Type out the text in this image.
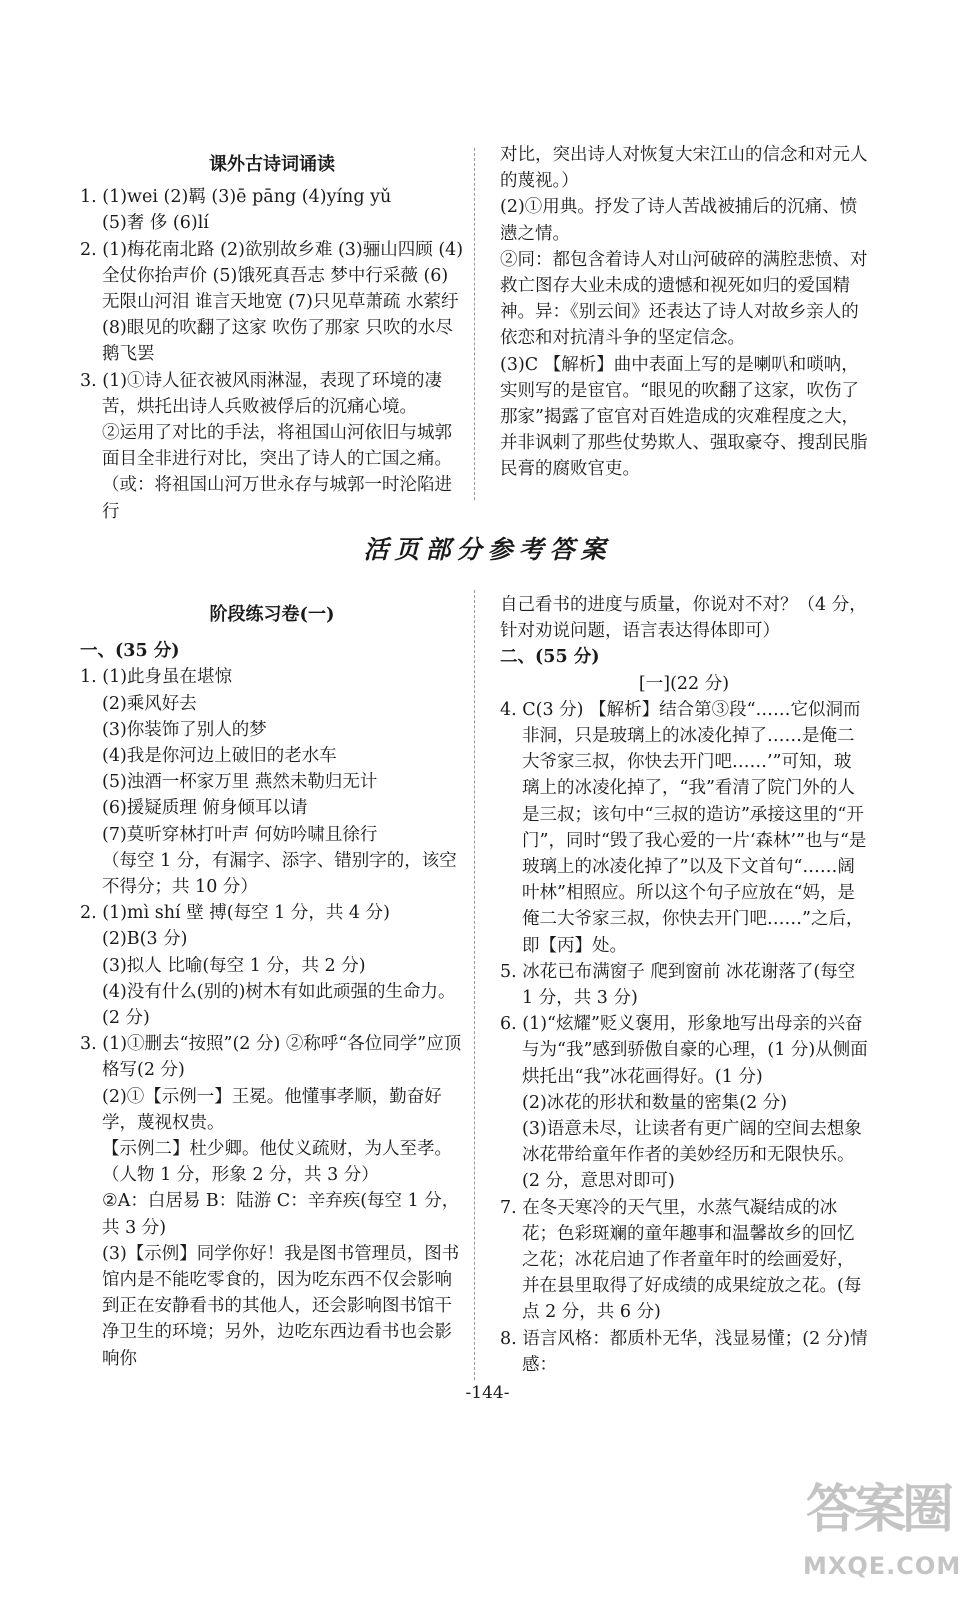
课外古诗词诵读

1. (1)wei (2)羁 (3)ē pāng (4)yíng yǔ

(5)奢 侈 (6)lí

2. (1)梅花南北路 (2)欲别故乡难 (3)骊山四顾 (4)全仗你抬声价 (5)饿死真吾志 梦中行采薇 (6)无限山河泪 谁言天地宽 (7)只见草萧疏 水萦纡 (8)眼见的吹翻了这家 吹伤了那家 只吹的水尽鹅飞罢

3. (1)①诗人征衣被风雨淋湿，表现了环境的凄苦，烘托出诗人兵败被俘后的沉痛心境。

②运用了对比的手法，将祖国山河依旧与城郭面目全非进行对比，突出了诗人的亡国之痛。（或：将祖国山河万世永存与城郭一时沦陷进行

对比，突出诗人对恢复大宋江山的信念和对元人的蔑视。）

(2)①用典。抒发了诗人苦战被捕后的沉痛、愤懑之情。

②同：都包含着诗人对山河破碎的满腔悲愤、对救亡图存大业未成的遗憾和视死如归的爱国精神。异：《别云间》还表达了诗人对故乡亲人的依恋和对抗清斗争的坚定信念。

(3)C 【解析】曲中表面上写的是喇叭和唢呐，实则写的是宦官。“眼见的吹翻了这家，吹伤了那家”揭露了宦官对百姓造成的灾难程度之大，并非讽刺了那些仗势欺人、强取豪夺、搜刮民脂民膏的腐败官吏。

活页部分参考答案

阶段练习卷(一)

一、(35 分)

1. (1)此身虽在堪惊

(2)乘风好去

(3)你装饰了别人的梦

(4)我是你河边上破旧的老水车

(5)浊酒一杯家万里 燕然未勒归无计

(6)援疑质理 俯身倾耳以请

(7)莫听穿林打叶声 何妨吟啸且徐行

（每空 1 分，有漏字、添字、错别字的，该空不得分；共 10 分）

2. (1)mì shí 壁 搏(每空 1 分，共 4 分)

(2)B(3 分)

(3)拟人 比喻(每空 1 分，共 2 分)

(4)没有什么(别的)树木有如此顽强的生命力。(2 分)

3. (1)①删去“按照”(2 分) ②称呼“各位同学”应顶格写(2 分)

(2)①【示例一】王冕。他懂事孝顺，勤奋好学，蔑视权贵。

【示例二】杜少卿。他仗义疏财，为人至孝。（人物 1 分，形象 2 分，共 3 分）

②A：白居易 B：陆游 C：辛弃疾(每空 1 分，共 3 分)

(3)【示例】同学你好！我是图书管理员，图书馆内是不能吃零食的，因为吃东西不仅会影响到正在安静看书的其他人，还会影响图书馆干净卫生的环境；另外，边吃东西边看书也会影响你

自己看书的进度与质量，你说对不对？（4 分，针对劝说问题，语言表达得体即可）

二、(55 分)

[一](22 分)

4. C(3 分) 【解析】结合第③段“……它似洞而非洞，只是玻璃上的冰凌化掉了……是俺二大爷家三叔，你快去开门吧……’”可知，玻璃上的冰凌化掉了，“我”看清了院门外的人是三叔；该句中“三叔的造访”承接这里的“开门”，同时“毁了我心爱的一片‘森林’”也与“是玻璃上的冰凌化掉了”以及下文首句“……阔叶林”相照应。所以这个句子应放在“妈，是俺二大爷家三叔，你快去开门吧……”之后，即【丙】处。

5. 冰花已布满窗子 爬到窗前 冰花谢落了(每空 1 分，共 3 分)

6. (1)“炫耀”贬义褒用，形象地写出母亲的兴奋与为“我”感到骄傲自豪的心理，(1 分)从侧面烘托出“我”冰花画得好。(1 分)

(2)冰花的形状和数量的密集(2 分)

(3)语意未尽，让读者有更广阔的空间去想象冰花带给童年作者的美妙经历和无限快乐。(2 分，意思对即可)

7. 在冬天寒冷的天气里，水蒸气凝结成的冰花；色彩斑斓的童年趣事和温馨故乡的回忆之花；冰花启迪了作者童年时的绘画爱好，并在县里取得了好成绩的成果绽放之花。(每点 2 分，共 6 分)

8. 语言风格：都质朴无华，浅显易懂；(2 分)情感：

-144-
答案圈
MXQE.COM
